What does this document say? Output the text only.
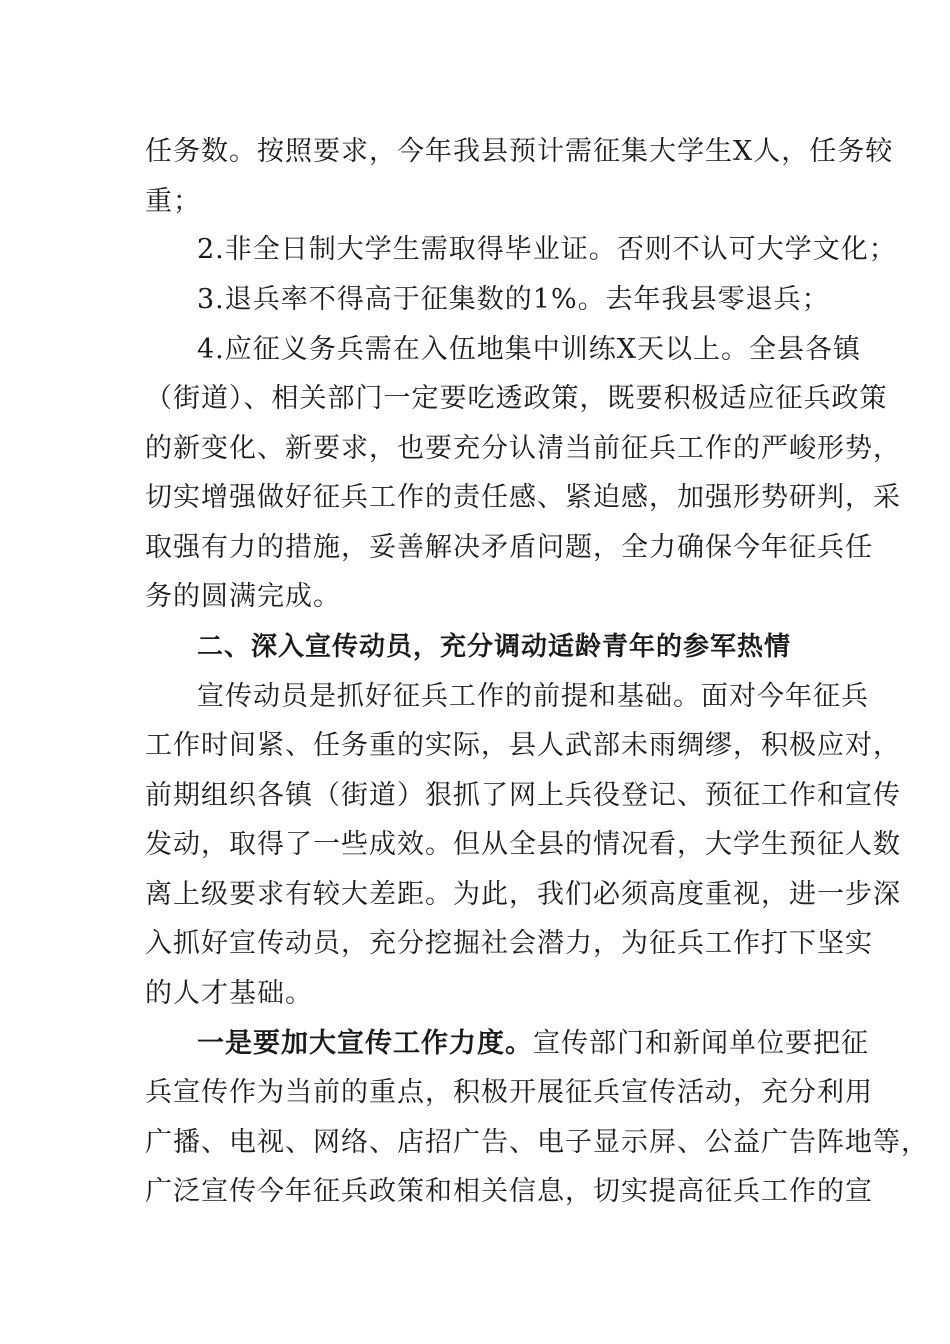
任务数。按照要求，今年我县预计需征集大学生X人，任务较
重；
2.非全日制大学生需取得毕业证。否则不认可大学文化；
3.退兵率不得高于征集数的1%。去年我县零退兵；
4.应征义务兵需在入伍地集中训练X天以上。全县各镇
（街道）、相关部门一定要吃透政策，既要积极适应征兵政策
的新变化、新要求，也要充分认清当前征兵工作的严峻形势，
切实增强做好征兵工作的责任感、紧迫感，加强形势研判，采
取强有力的措施，妥善解决矛盾问题，全力确保今年征兵任
务的圆满完成。
二、深入宣传动员，充分调动适龄青年的参军热情
宣传动员是抓好征兵工作的前提和基础。面对今年征兵
工作时间紧、任务重的实际，县人武部未雨绸缪，积极应对，
前期组织各镇（街道）狠抓了网上兵役登记、预征工作和宣传
发动，取得了一些成效。但从全县的情况看，大学生预征人数
离上级要求有较大差距。为此，我们必须高度重视，进一步深
入抓好宣传动员，充分挖掘社会潜力，为征兵工作打下坚实
的人才基础。
一是要加大宣传工作力度。宣传部门和新闻单位要把征
兵宣传作为当前的重点，积极开展征兵宣传活动，充分利用
广播、电视、网络、店招广告、电子显示屏、公益广告阵地等，
广泛宣传今年征兵政策和相关信息，切实提高征兵工作的宣
